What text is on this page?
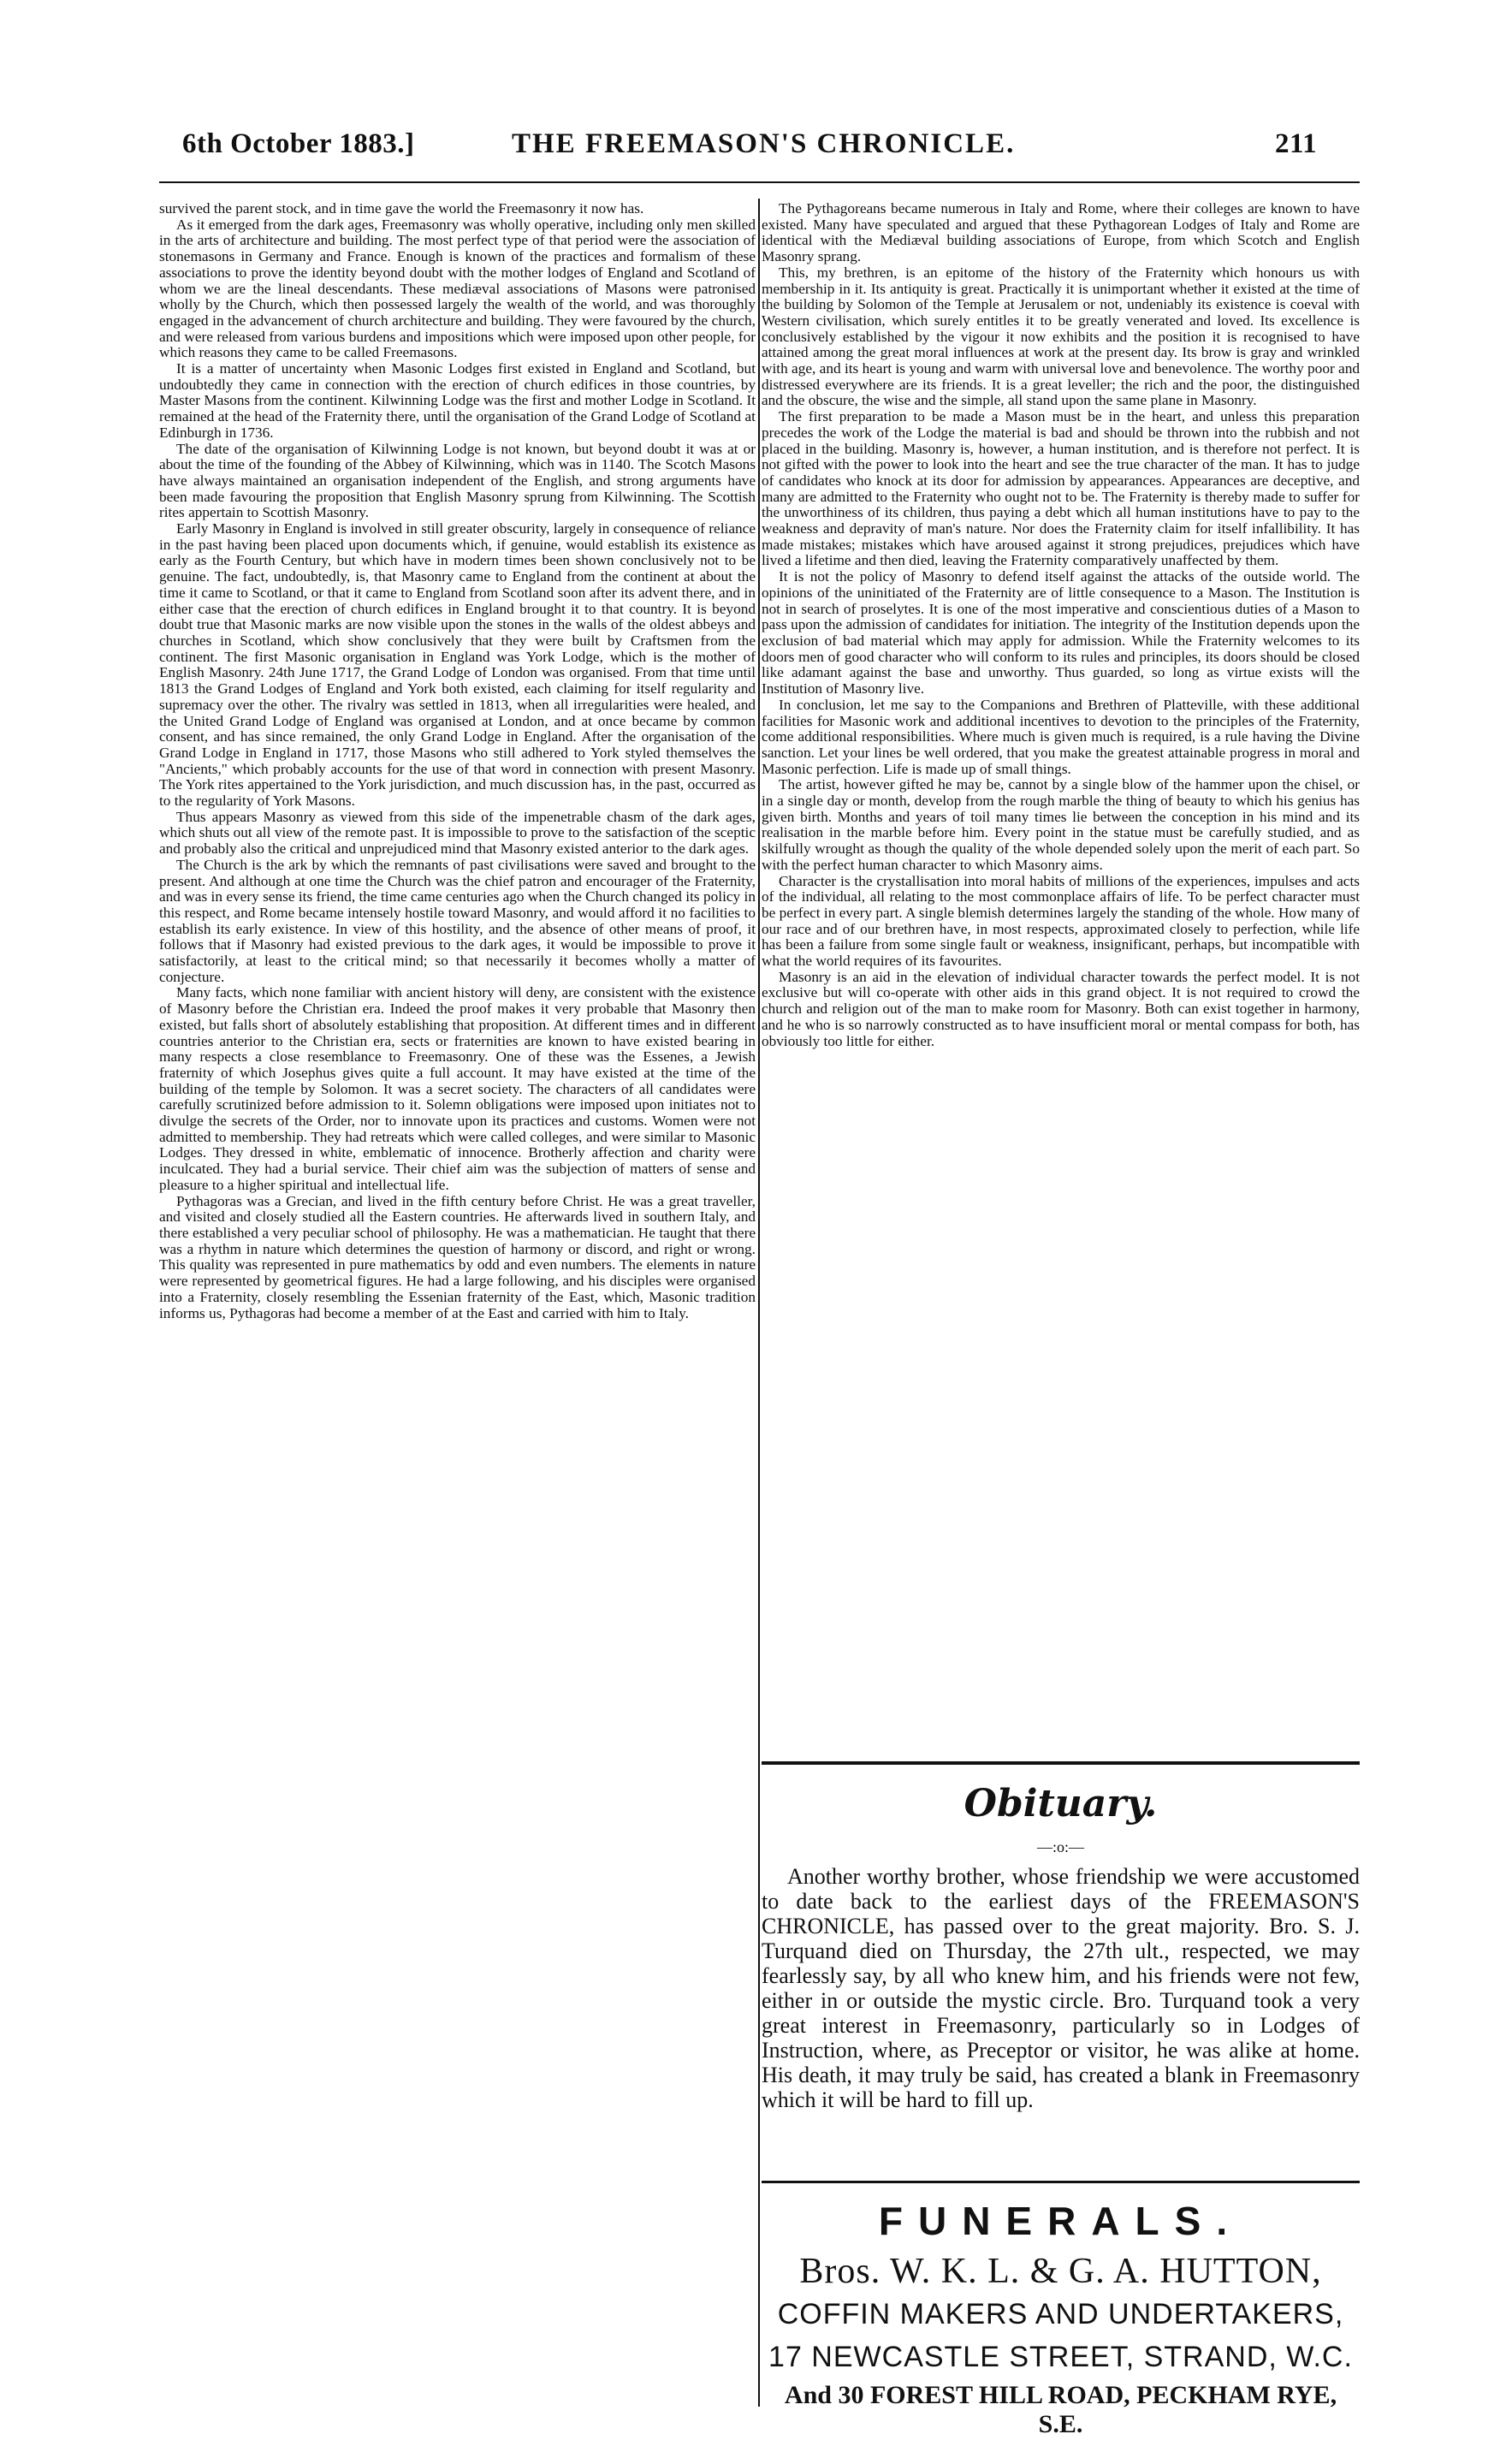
6th October 1883.]	THE FREEMASON'S CHRONICLE.	211

survived the parent stock, and in time gave the world the Freemasonry it now has.

As it emerged from the dark ages, Freemasonry was wholly operative, including only men skilled in the arts of architecture and building. The most perfect type of that period were the association of stonemasons in Germany and France. Enough is known of the practices and formalism of these associations to prove the identity beyond doubt with the mother lodges of England and Scotland of whom we are the lineal descendants. These mediæval associations of Masons were patronised wholly by the Church, which then possessed largely the wealth of the world, and was thoroughly engaged in the advancement of church architecture and building. They were favoured by the church, and were released from various burdens and impositions which were imposed upon other people, for which reasons they came to be called Freemasons.

It is a matter of uncertainty when Masonic Lodges first existed in England and Scotland, but undoubtedly they came in connection with the erection of church edifices in those countries, by Master Masons from the continent. Kilwinning Lodge was the first and mother Lodge in Scotland. It remained at the head of the Fraternity there, until the organisation of the Grand Lodge of Scotland at Edinburgh in 1736.

The date of the organisation of Kilwinning Lodge is not known, but beyond doubt it was at or about the time of the founding of the Abbey of Kilwinning, which was in 1140. The Scotch Masons have always maintained an organisation independent of the English, and strong arguments have been made favouring the proposition that English Masonry sprung from Kilwinning. The Scottish rites appertain to Scottish Masonry.

Early Masonry in England is involved in still greater obscurity, largely in consequence of reliance in the past having been placed upon documents which, if genuine, would establish its existence as early as the Fourth Century, but which have in modern times been shown conclusively not to be genuine. The fact, undoubtedly, is, that Masonry came to England from the continent at about the time it came to Scotland, or that it came to England from Scotland soon after its advent there, and in either case that the erection of church edifices in England brought it to that country. It is beyond doubt true that Masonic marks are now visible upon the stones in the walls of the oldest abbeys and churches in Scotland, which show conclusively that they were built by Craftsmen from the continent. The first Masonic organisation in England was York Lodge, which is the mother of English Masonry. 24th June 1717, the Grand Lodge of London was organised. From that time until 1813 the Grand Lodges of England and York both existed, each claiming for itself regularity and supremacy over the other. The rivalry was settled in 1813, when all irregularities were healed, and the United Grand Lodge of England was organised at London, and at once became by common consent, and has since remained, the only Grand Lodge in England. After the organisation of the Grand Lodge in England in 1717, those Masons who still adhered to York styled themselves the "Ancients," which probably accounts for the use of that word in connection with present Masonry. The York rites appertained to the York jurisdiction, and much discussion has, in the past, occurred as to the regularity of York Masons.

Thus appears Masonry as viewed from this side of the impenetrable chasm of the dark ages, which shuts out all view of the remote past. It is impossible to prove to the satisfaction of the sceptic and probably also the critical and unprejudiced mind that Masonry existed anterior to the dark ages.

The Church is the ark by which the remnants of past civilisations were saved and brought to the present. And although at one time the Church was the chief patron and encourager of the Fraternity, and was in every sense its friend, the time came centuries ago when the Church changed its policy in this respect, and Rome became intensely hostile toward Masonry, and would afford it no facilities to establish its early existence. In view of this hostility, and the absence of other means of proof, it follows that if Masonry had existed previous to the dark ages, it would be impossible to prove it satisfactorily, at least to the critical mind; so that necessarily it becomes wholly a matter of conjecture.

Many facts, which none familiar with ancient history will deny, are consistent with the existence of Masonry before the Christian era. Indeed the proof makes it very probable that Masonry then existed, but falls short of absolutely establishing that proposition. At different times and in different countries anterior to the Christian era, sects or fraternities are known to have existed bearing in many respects a close resemblance to Freemasonry. One of these was the Essenes, a Jewish fraternity of which Josephus gives quite a full account. It may have existed at the time of the building of the temple by Solomon. It was a secret society. The characters of all candidates were carefully scrutinized before admission to it. Solemn obligations were imposed upon initiates not to divulge the secrets of the Order, nor to innovate upon its practices and customs. Women were not admitted to membership. They had retreats which were called colleges, and were similar to Masonic Lodges. They dressed in white, emblematic of innocence. Brotherly affection and charity were inculcated. They had a burial service. Their chief aim was the subjection of matters of sense and pleasure to a higher spiritual and intellectual life.

Pythagoras was a Grecian, and lived in the fifth century before Christ. He was a great traveller, and visited and closely studied all the Eastern countries. He afterwards lived in southern Italy, and there established a very peculiar school of philosophy. He was a mathematician. He taught that there was a rhythm in nature which determines the question of harmony or discord, and right or wrong. This quality was represented in pure mathematics by odd and even numbers. The elements in nature were represented by geometrical figures. He had a large following, and his disciples were organised into a Fraternity, closely resembling the Essenian fraternity of the East, which, Masonic tradition informs us, Pythagoras had become a member of at the East and carried with him to Italy.

The Pythagoreans became numerous in Italy and Rome, where their colleges are known to have existed. Many have speculated and argued that these Pythagorean Lodges of Italy and Rome are identical with the Mediæval building associations of Europe, from which Scotch and English Masonry sprang.

This, my brethren, is an epitome of the history of the Fraternity which honours us with membership in it. Its antiquity is great. Practically it is unimportant whether it existed at the time of the building by Solomon of the Temple at Jerusalem or not, undeniably its existence is coeval with Western civilisation, which surely entitles it to be greatly venerated and loved. Its excellence is conclusively established by the vigour it now exhibits and the position it is recognised to have attained among the great moral influences at work at the present day. Its brow is gray and wrinkled with age, and its heart is young and warm with universal love and benevolence. The worthy poor and distressed everywhere are its friends. It is a great leveller; the rich and the poor, the distinguished and the obscure, the wise and the simple, all stand upon the same plane in Masonry.

The first preparation to be made a Mason must be in the heart, and unless this preparation precedes the work of the Lodge the material is bad and should be thrown into the rubbish and not placed in the building. Masonry is, however, a human institution, and is therefore not perfect. It is not gifted with the power to look into the heart and see the true character of the man. It has to judge of candidates who knock at its door for admission by appearances. Appearances are deceptive, and many are admitted to the Fraternity who ought not to be. The Fraternity is thereby made to suffer for the unworthiness of its children, thus paying a debt which all human institutions have to pay to the weakness and depravity of man's nature. Nor does the Fraternity claim for itself infallibility. It has made mistakes; mistakes which have aroused against it strong prejudices, prejudices which have lived a lifetime and then died, leaving the Fraternity comparatively unaffected by them.

It is not the policy of Masonry to defend itself against the attacks of the outside world. The opinions of the uninitiated of the Fraternity are of little consequence to a Mason. The Institution is not in search of proselytes. It is one of the most imperative and conscientious duties of a Mason to pass upon the admission of candidates for initiation. The integrity of the Institution depends upon the exclusion of bad material which may apply for admission. While the Fraternity welcomes to its doors men of good character who will conform to its rules and principles, its doors should be closed like adamant against the base and unworthy. Thus guarded, so long as virtue exists will the Institution of Masonry live.

In conclusion, let me say to the Companions and Brethren of Platteville, with these additional facilities for Masonic work and additional incentives to devotion to the principles of the Fraternity, come additional responsibilities. Where much is given much is required, is a rule having the Divine sanction. Let your lines be well ordered, that you make the greatest attainable progress in moral and Masonic perfection. Life is made up of small things.

The artist, however gifted he may be, cannot by a single blow of the hammer upon the chisel, or in a single day or month, develop from the rough marble the thing of beauty to which his genius has given birth. Months and years of toil many times lie between the conception in his mind and its realisation in the marble before him. Every point in the statue must be carefully studied, and as skilfully wrought as though the quality of the whole depended solely upon the merit of each part. So with the perfect human character to which Masonry aims.

Character is the crystallisation into moral habits of millions of the experiences, impulses and acts of the individual, all relating to the most commonplace affairs of life. To be perfect character must be perfect in every part. A single blemish determines largely the standing of the whole. How many of our race and of our brethren have, in most respects, approximated closely to perfection, while life has been a failure from some single fault or weakness, insignificant, perhaps, but incompatible with what the world requires of its favourites.

Masonry is an aid in the elevation of individual character towards the perfect model. It is not exclusive but will co-operate with other aids in this grand object. It is not required to crowd the church and religion out of the man to make room for Masonry. Both can exist together in harmony, and he who is so narrowly constructed as to have insufficient moral or mental compass for both, has obviously too little for either.

Obituary.
—:o:—

Another worthy brother, whose friendship we were accustomed to date back to the earliest days of the FREEMASON'S CHRONICLE, has passed over to the great majority. Bro. S. J. Turquand died on Thursday, the 27th ult., respected, we may fearlessly say, by all who knew him, and his friends were not few, either in or outside the mystic circle. Bro. Turquand took a very great interest in Freemasonry, particularly so in Lodges of Instruction, where, as Preceptor or visitor, he was alike at home. His death, it may truly be said, has created a blank in Freemasonry which it will be hard to fill up.

FUNERALS.
Bros. W. K. L. & G. A. HUTTON,
COFFIN MAKERS AND UNDERTAKERS,
17 NEWCASTLE STREET, STRAND, W.C.
And 30 FOREST HILL ROAD, PECKHAM RYE, S.E.
